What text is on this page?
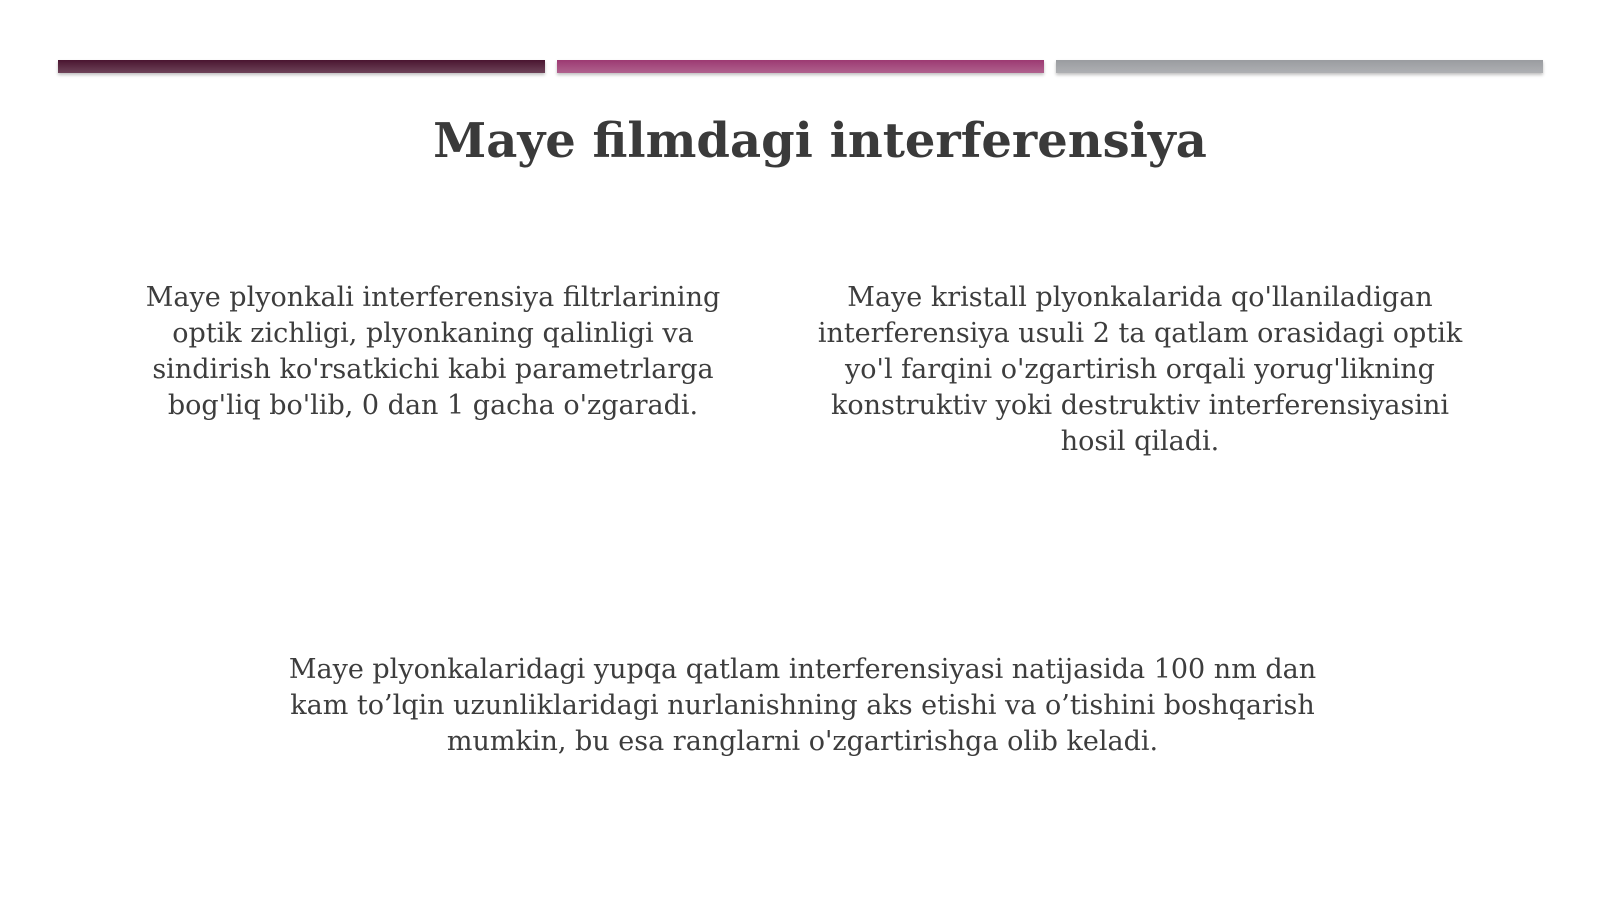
Maye filmdagi interferensiya
Maye plyonkali interferensiya filtrlarining optik zichligi, plyonkaning qalinligi va sindirish ko'rsatkichi kabi parametrlarga bog'liq bo'lib, 0 dan 1 gacha o'zgaradi.
Maye kristall plyonkalarida qo'llaniladigan interferensiya usuli 2 ta qatlam orasidagi optik yo'l farqini o'zgartirish orqali yorug'likning konstruktiv yoki destruktiv interferensiyasini hosil qiladi.
Maye plyonkalaridagi yupqa qatlam interferensiyasi natijasida 100 nm dan kam to’lqin uzunliklaridagi nurlanishning aks etishi va o’tishini boshqarish mumkin, bu esa ranglarni o'zgartirishga olib keladi.
